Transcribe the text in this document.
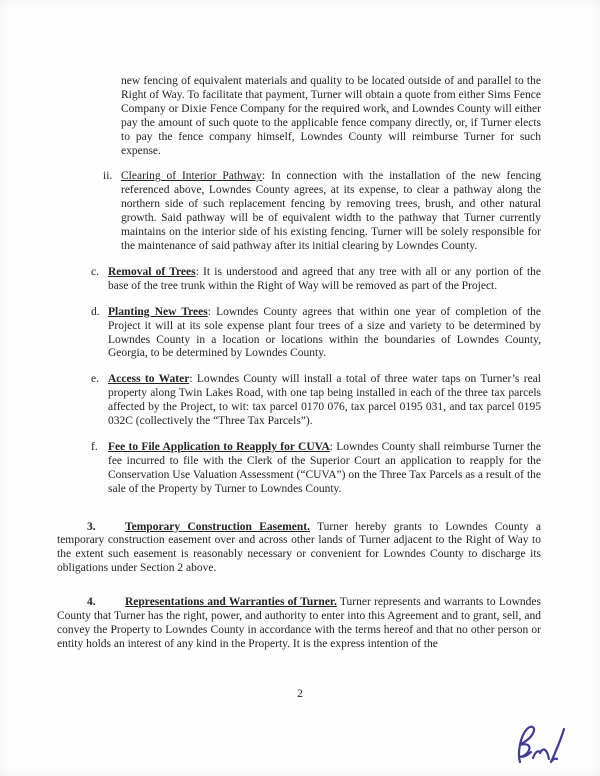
new fencing of equivalent materials and quality to be located outside of and parallel to the Right of Way. To facilitate that payment, Turner will obtain a quote from either Sims Fence Company or Dixie Fence Company for the required work, and Lowndes County will either pay the amount of such quote to the applicable fence company directly, or, if Turner elects to pay the fence company himself, Lowndes County will reimburse Turner for such expense.
ii. Clearing of Interior Pathway: In connection with the installation of the new fencing referenced above, Lowndes County agrees, at its expense, to clear a pathway along the northern side of such replacement fencing by removing trees, brush, and other natural growth. Said pathway will be of equivalent width to the pathway that Turner currently maintains on the interior side of his existing fencing. Turner will be solely responsible for the maintenance of said pathway after its initial clearing by Lowndes County.
c. Removal of Trees: It is understood and agreed that any tree with all or any portion of the base of the tree trunk within the Right of Way will be removed as part of the Project.
d. Planting New Trees: Lowndes County agrees that within one year of completion of the Project it will at its sole expense plant four trees of a size and variety to be determined by Lowndes County in a location or locations within the boundaries of Lowndes County, Georgia, to be determined by Lowndes County.
e. Access to Water: Lowndes County will install a total of three water taps on Turner’s real property along Twin Lakes Road, with one tap being installed in each of the three tax parcels affected by the Project, to wit: tax parcel 0170 076, tax parcel 0195 031, and tax parcel 0195 032C (collectively the “Three Tax Parcels”).
f. Fee to File Application to Reapply for CUVA: Lowndes County shall reimburse Turner the fee incurred to file with the Clerk of the Superior Court an application to reapply for the Conservation Use Valuation Assessment (“CUVA”) on the Three Tax Parcels as a result of the sale of the Property by Turner to Lowndes County.
3.	Temporary Construction Easement. Turner hereby grants to Lowndes County a temporary construction easement over and across other lands of Turner adjacent to the Right of Way to the extent such easement is reasonably necessary or convenient for Lowndes County to discharge its obligations under Section 2 above.
4.	Representations and Warranties of Turner. Turner represents and warrants to Lowndes County that Turner has the right, power, and authority to enter into this Agreement and to grant, sell, and convey the Property to Lowndes County in accordance with the terms hereof and that no other person or entity holds an interest of any kind in the Property. It is the express intention of the
2
